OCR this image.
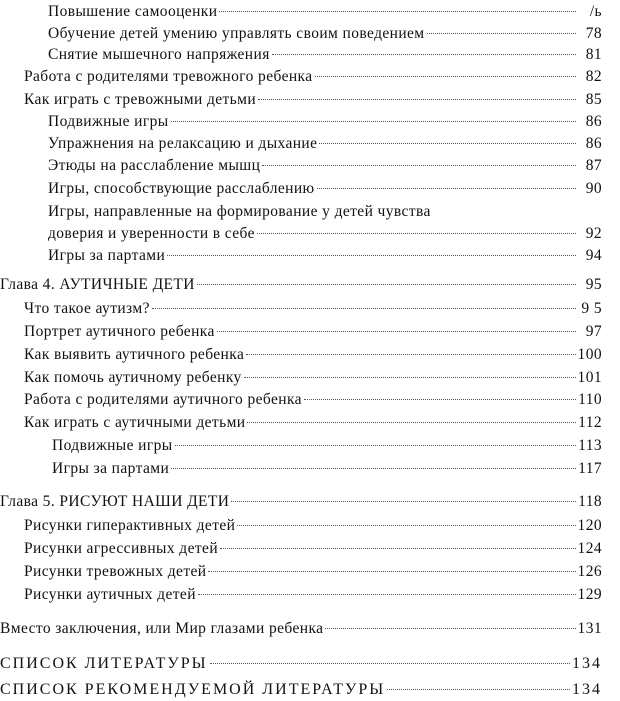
Повышение самооценки	/ь
Обучение детей умению управлять своим поведением	78
Снятие мышечного напряжения	81
Работа с родителями тревожного ребенка	82
Как играть с тревожными детьми	85
Подвижные игры	86
Упражнения на релаксацию и дыхание	86
Этюды на расслабление мышц	87
Игры, способствующие расслаблению	90
Игры, направленные на формирование у детей чувства
доверия и уверенности в себе	92
Игры за партами	94
Глава 4. АУТИЧНЫЕ ДЕТИ	95
Что такое аутизм?	9 5
Портрет аутичного ребенка	97
Как выявить аутичного ребенка	100
Как помочь аутичному ребенку	101
Работа с родителями аутичного ребенка	110
Как играть с аутичными детьми	112
Подвижные игры	113
Игры за партами	117
Глава 5. РИСУЮТ НАШИ ДЕТИ	118
Рисунки гиперактивных детей	120
Рисунки агрессивных детей	124
Рисунки тревожных детей	126
Рисунки аутичных детей	129
Вместо заключения, или Мир глазами ребенка	131
СПИСОК ЛИТЕРАТУРЫ	134
СПИСОК РЕКОМЕНДУЕМОЙ ЛИТЕРАТУРЫ	134
